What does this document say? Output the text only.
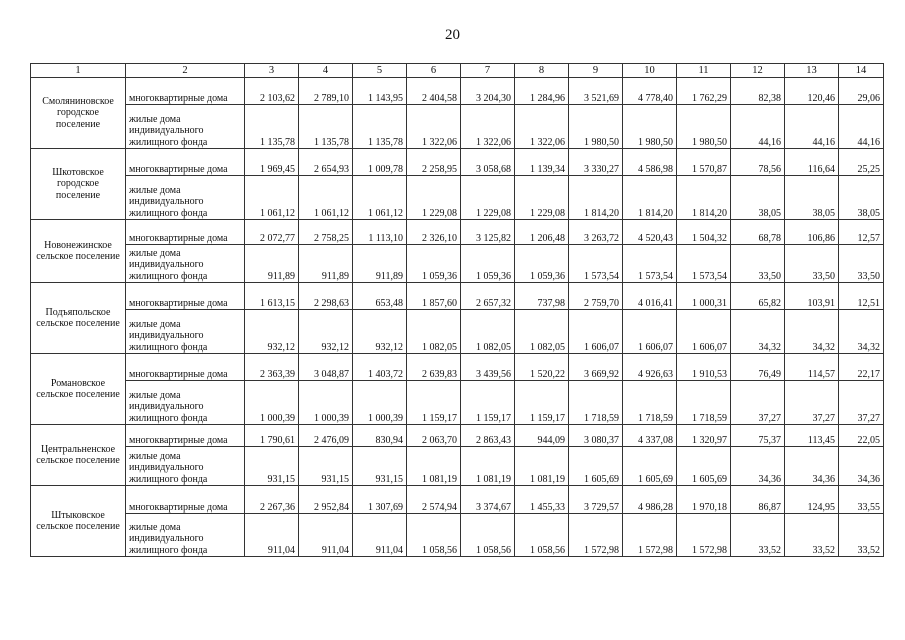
20
1	2	3	4	5	6	7	8	9	10	11	12	13	14
Смоляниновское городское поселение	многоквартирные дома	2 103,62	2 789,10	1 143,95	2 404,58	3 204,30	1 284,96	3 521,69	4 778,40	1 762,29	82,38	120,46	29,06
	жилые дома индивидуального жилищного фонда	1 135,78	1 135,78	1 135,78	1 322,06	1 322,06	1 322,06	1 980,50	1 980,50	1 980,50	44,16	44,16	44,16
Шкотовское городское поселение	многоквартирные дома	1 969,45	2 654,93	1 009,78	2 258,95	3 058,68	1 139,34	3 330,27	4 586,98	1 570,87	78,56	116,64	25,25
	жилые дома индивидуального жилищного фонда	1 061,12	1 061,12	1 061,12	1 229,08	1 229,08	1 229,08	1 814,20	1 814,20	1 814,20	38,05	38,05	38,05
Новонежинское сельское поселение	многоквартирные дома	2 072,77	2 758,25	1 113,10	2 326,10	3 125,82	1 206,48	3 263,72	4 520,43	1 504,32	68,78	106,86	12,57
	жилые дома индивидуального жилищного фонда	911,89	911,89	911,89	1 059,36	1 059,36	1 059,36	1 573,54	1 573,54	1 573,54	33,50	33,50	33,50
Подъяпольское сельское поселение	многоквартирные дома	1 613,15	2 298,63	653,48	1 857,60	2 657,32	737,98	2 759,70	4 016,41	1 000,31	65,82	103,91	12,51
	жилые дома индивидуального жилищного фонда	932,12	932,12	932,12	1 082,05	1 082,05	1 082,05	1 606,07	1 606,07	1 606,07	34,32	34,32	34,32
Романовское сельское поселение	многоквартирные дома	2 363,39	3 048,87	1 403,72	2 639,83	3 439,56	1 520,22	3 669,92	4 926,63	1 910,53	76,49	114,57	22,17
	жилые дома индивидуального жилищного фонда	1 000,39	1 000,39	1 000,39	1 159,17	1 159,17	1 159,17	1 718,59	1 718,59	1 718,59	37,27	37,27	37,27
Центральненское сельское поселение	многоквартирные дома	1 790,61	2 476,09	830,94	2 063,70	2 863,43	944,09	3 080,37	4 337,08	1 320,97	75,37	113,45	22,05
	жилые дома индивидуального жилищного фонда	931,15	931,15	931,15	1 081,19	1 081,19	1 081,19	1 605,69	1 605,69	1 605,69	34,36	34,36	34,36
Штыковское сельское поселение	многоквартирные дома	2 267,36	2 952,84	1 307,69	2 574,94	3 374,67	1 455,33	3 729,57	4 986,28	1 970,18	86,87	124,95	33,55
	жилые дома индивидуального жилищного фонда	911,04	911,04	911,04	1 058,56	1 058,56	1 058,56	1 572,98	1 572,98	1 572,98	33,52	33,52	33,52
